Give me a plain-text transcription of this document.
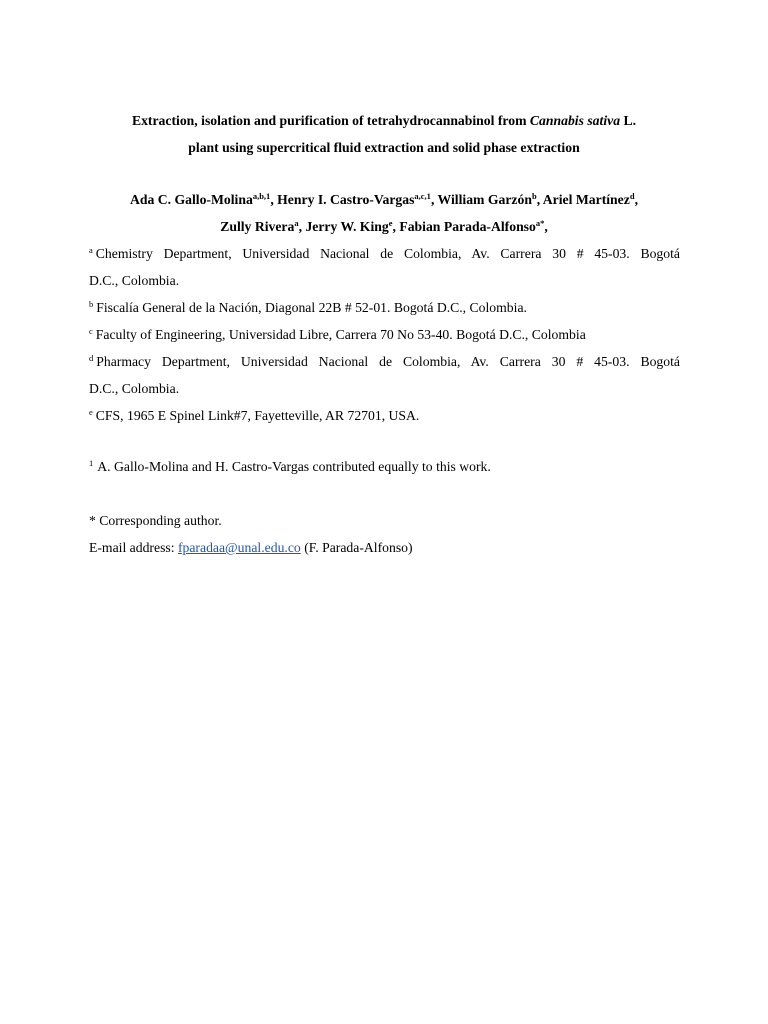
Extraction, isolation and purification of tetrahydrocannabinol from Cannabis sativa L.
plant using supercritical fluid extraction and solid phase extraction
Ada C. Gallo-Molina$^{a,b,1}$, Henry I. Castro-Vargas$^{a,c,1}$, William Garzón$^b$, Ariel Martínez$^d$,
Zully Rivera$^a$, Jerry W. King$^e$, Fabian Parada-Alfonso$^{a*}$,
$^a$ Chemistry Department, Universidad Nacional de Colombia, Av. Carrera 30 # 45-03. Bogotá
D.C., Colombia.
$^b$ Fiscalía General de la Nación, Diagonal 22B # 52-01. Bogotá D.C., Colombia.
$^c$ Faculty of Engineering, Universidad Libre, Carrera 70 No 53-40. Bogotá D.C., Colombia
$^d$ Pharmacy Department, Universidad Nacional de Colombia, Av. Carrera 30 # 45-03. Bogotá
D.C., Colombia.
$^e$ CFS, 1965 E Spinel Link#7, Fayetteville, AR 72701, USA.
$^1$ A. Gallo-Molina and H. Castro-Vargas contributed equally to this work.
* Corresponding author.
E-mail address: fparadaa@unal.edu.co (F. Parada-Alfonso)
